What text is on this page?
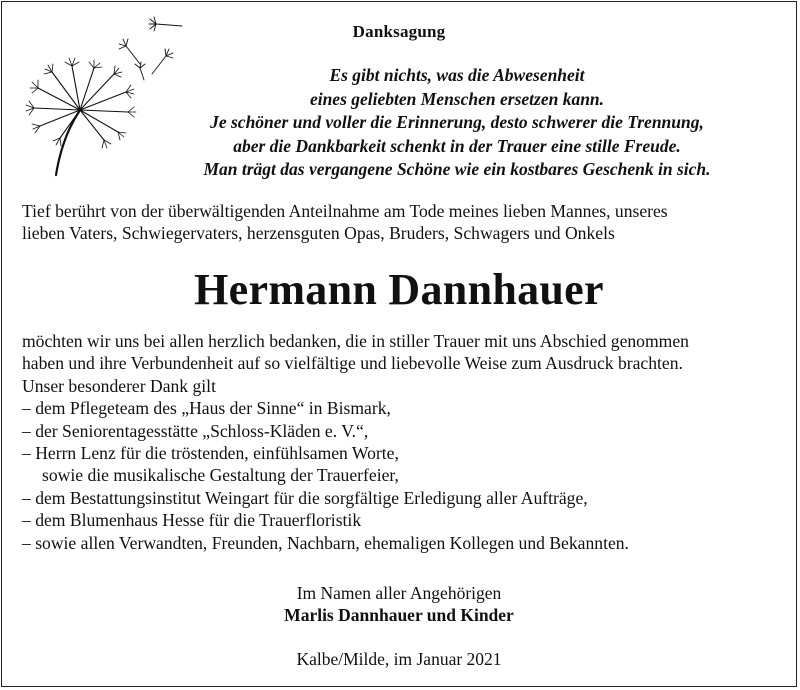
Danksagung
Es gibt nichts, was die Abwesenheit
eines geliebten Menschen ersetzen kann.
Je schöner und voller die Erinnerung, desto schwerer die Trennung,
aber die Dankbarkeit schenkt in der Trauer eine stille Freude.
Man trägt das vergangene Schöne wie ein kostbares Geschenk in sich.
Tief berührt von der überwältigenden Anteilnahme am Tode meines lieben Mannes, unseres
lieben Vaters, Schwiegervaters, herzensguten Opas, Bruders, Schwagers und Onkels
Hermann Dannhauer

möchten wir uns bei allen herzlich bedanken, die in stiller Trauer mit uns Abschied genommen

haben und ihre Verbundenheit auf so vielfältige und liebevolle Weise zum Ausdruck brachten.

Unser besonderer Dank gilt

– dem Pflegeteam des „Haus der Sinne“ in Bismark,

– der Seniorentagesstätte „Schloss-Kläden e. V.“,

– Herrn Lenz für die tröstenden, einfühlsamen Worte,

sowie die musikalische Gestaltung der Trauerfeier,

– dem Bestattungsinstitut Weingart für die sorgfältige Erledigung aller Aufträge,

– dem Blumenhaus Hesse für die Trauerfloristik

– sowie allen Verwandten, Freunden, Nachbarn, ehemaligen Kollegen und Bekannten.

Im Namen aller Angehörigen
Marlis Dannhauer und Kinder
Kalbe/Milde, im Januar 2021
